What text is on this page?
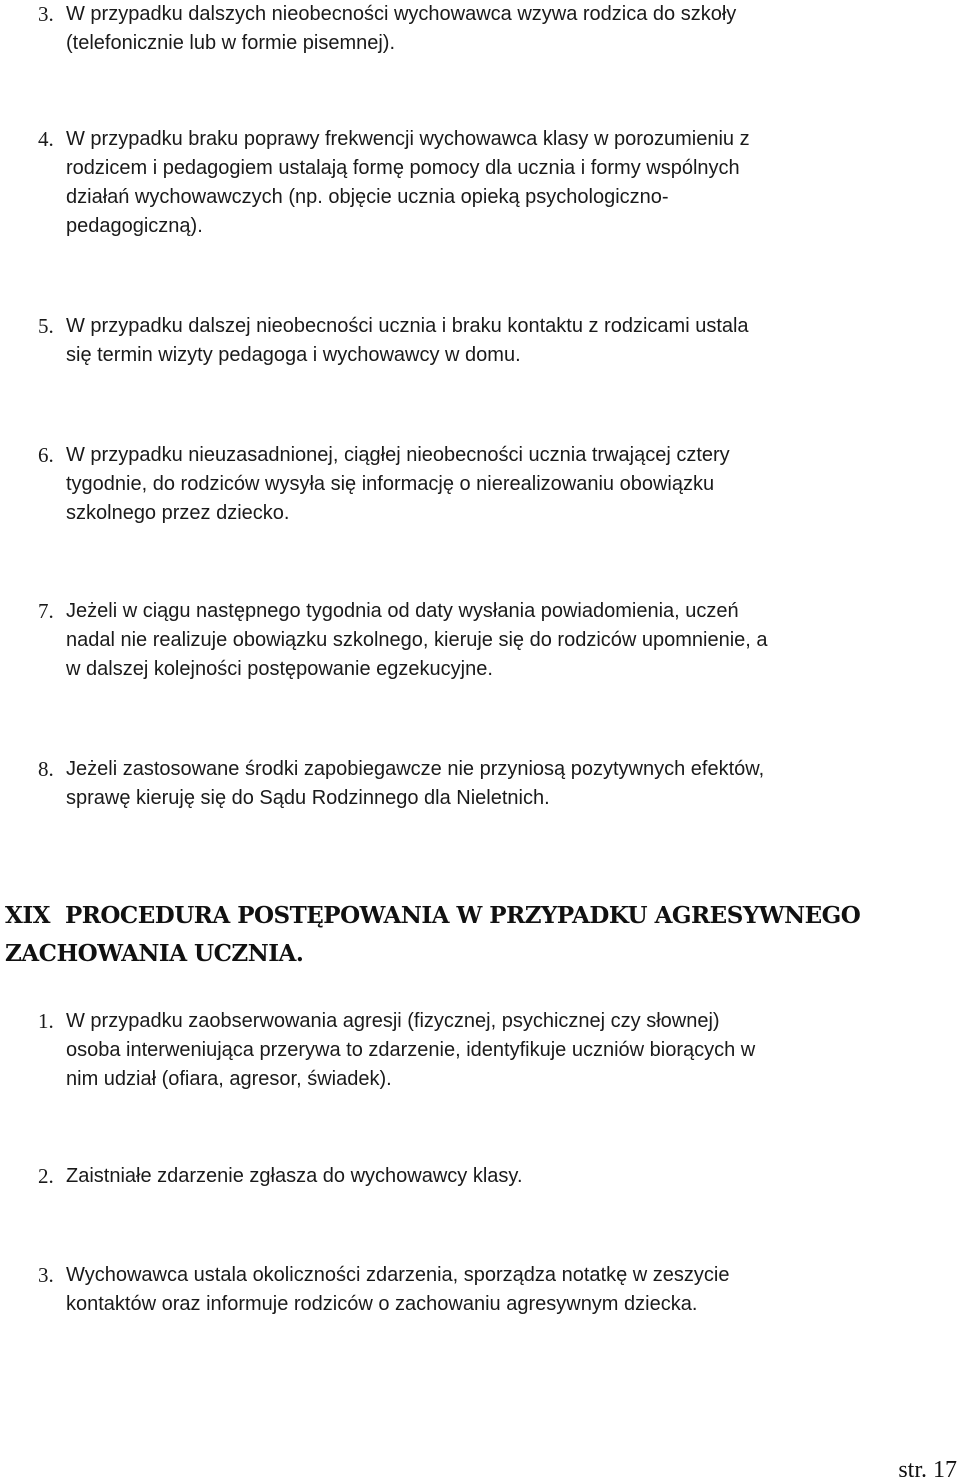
3. W przypadku dalszych nieobecności wychowawca wzywa rodzica do szkoły
(telefonicznie lub w formie pisemnej).
4. W przypadku braku poprawy frekwencji wychowawca klasy w porozumieniu z
rodzicem i pedagogiem ustalają formę pomocy dla ucznia i formy wspólnych
działań wychowawczych (np. objęcie ucznia opieką psychologiczno-
pedagogiczną).
5. W przypadku dalszej nieobecności ucznia i braku kontaktu z rodzicami ustala
się termin wizyty pedagoga i wychowawcy w domu.
6. W przypadku nieuzasadnionej, ciągłej nieobecności ucznia trwającej cztery
tygodnie, do rodziców wysyła się informację o nierealizowaniu obowiązku
szkolnego przez dziecko.
7. Jeżeli w ciągu następnego tygodnia od daty wysłania powiadomienia, uczeń
nadal nie realizuje obowiązku szkolnego, kieruje się do rodziców upomnienie, a
w dalszej kolejności postępowanie egzekucyjne.
8. Jeżeli zastosowane środki zapobiegawcze nie przyniosą pozytywnych efektów,
sprawę kieruję się do Sądu Rodzinnego dla Nieletnich.
XIX  PROCEDURA POSTĘPOWANIA W PRZYPADKU AGRESYWNEGO
ZACHOWANIA UCZNIA.
1. W przypadku zaobserwowania agresji (fizycznej, psychicznej czy słownej)
osoba interweniująca przerywa to zdarzenie, identyfikuje uczniów biorących w
nim udział (ofiara, agresor, świadek).
2. Zaistniałe zdarzenie zgłasza do wychowawcy klasy.
3. Wychowawca ustala okoliczności zdarzenia, sporządza notatkę w zeszycie
kontaktów oraz informuje rodziców o zachowaniu agresywnym dziecka.
str. 17
